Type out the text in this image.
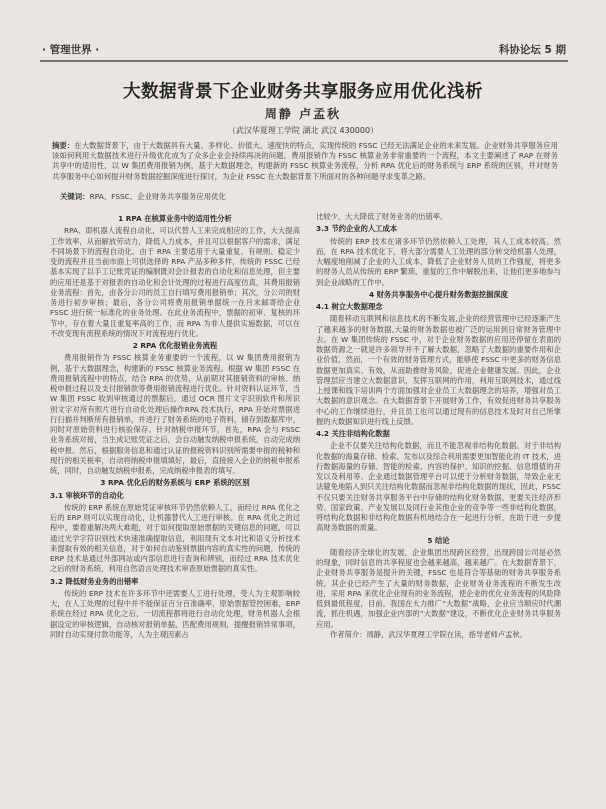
· 管理世界 ·	科协论坛 5 期
大数据背景下企业财务共享服务应用优化浅析
周静 卢孟秋
（武汉华夏理工学院 湖北 武汉 430000）
摘要：在大数据背景下，由于大数据具有大量、多样化、价值大、速度快的特点，实现传统的 FSSC 已经无法满足企业的未来发展。企业财务共享服务应用该如何利用大数据技术进行升级优化成为了众多企业会持续再决的问题。费用报销作为 FSSC 核算业务非常重要的一个流程，本文主要阐述了 RAP 在财务共享中的适用性，以 W 集团费用报销为例，基于大数据理念，构建新的 FSSC 核算业务流程，分析 RPA 优化后的财务系统与 ERP 系统的区别，并对财务共享服务中心如何提升财务数据挖掘深度进行探讨，为企业 FSSC 在大数据背景下所面对的各种问题寻求变革之路。
关键词：RPA、FSSC、企业财务共享服务应用优化
1 RPA 在核算业务中的适用性分析

RPA、即机器人流程自动化，可以代替人工来完成相应的工作，大大提高工作效率，从而解放劳动力，降低人力成本，并且可以根据客户的需求，满足不同场景下的流程自动化。由于 RPA 主要适用于大量重复、有规则、稳定少变的流程并且当前市面上可供选择的 RPA 产品多种多样，传统的 FSSC 已经基本实现了以手工记账凭证的编制既对会计报表的自动化和信息处理，但主要的应用还是基于对报表的自动化和会计处理的过程进行高度仿真，其费用报销业务流程：首先，由各分公司的员工自行填写费用报销单；其次，分公司的财务进行初步审核；最后，各分公司将费用报销单据统一在月末邮寄给企业 FSSC 进行统一标准化的业务处理。在此业务流程中，票据的初审、复核的环节中，存在着大量且重复率高的工作，而 RPA 为非人提供实施数据，可以在不改变现有流程系统的情况下对流程进行优化。

2 RPA 优化报销业务流程

费用报销作为 FSSC 核算业务重要的一个流程，以 W 集团费用报销为例，基于大数据理念，构建新的 FSSC 核算业务流程。根据 W 集团 FSSC 在费用报销流程中的特点，结合 RPA 的优势，从前期对其报销资料的审核、纳税申报过程以及支付报销款等费用报销流程进行优化。针对资料认证环节，当 W 集团 FSSC 收到审核通过的票据后，通过 OCR 图片文字识别软件和所识别文字对所有照片进行自动化处理后操作RPA 技术执行，RPA 开始对票据进行扫描并判断所有报销单，并进行了财务系统的电子资料，储存到数据库中，同时对原始资料进行核验保存。针对纳税申报环节，首先，RPA 会与 FSSC 业务系统对接，当生成记账凭证之后，会自动触发纳税申报系统，自动完成纳税申报。然后，根据服务信息和通过认证的报税资料识别所需要申报的税种和现行的相关税率，自动将纳税申报填填好，最后，直接接入企业的纳税申报系统，同时，自动触发纳税申报系，完成纳税申报表的填写。

3 RPA 优化后的财务系统与 ERP 系统的区别
3.1 审核环节的自动化

传统的 ERP 系统在原始凭证审核环节仍然依赖人工，而经过 RPA 优化之后的 ERP 则可以实现自动化，让机器替代人工进行审核。在 RPA 优化之的过程中，要着重解决两大难题，对于如何提取原始票据的关键信息的问题，可以通过光学字符识别技术快速准确提取信息，利用现有文本对比和语义分析技术来提取有效的相关信息，对于如何自动鉴别票据内容的真实性的问题，传统的 ERP 技术是通过外部网站或内部信息进行查询和辨别，而经过 RPA 技术优化之后的财务系统，利用自然语言处理技术审查原始票据的真实性。

3.2 降低财务业务的出错率

传统的 ERP 技术在许多环节中还需要人工进行处理，受人为主观影响较大，在人工处理的过程中并不能保证百分百准确率，原始票据管控困难，ERP 系统在经过 RPA 优化之后，一切流程都将进行自动化处理，财务机器人会根据设定的审核逻辑，自动核对报销单据，匹配费用规则，提醒报销异常事项，同时自动实现付款功能等，人为主观因素占

比较少，大大降低了财务业务的出错率。

3.3 节约企业的人工成本

传统的 ERP 技术在诸多环节仍然依赖人工处理，其人工成本较高。然而，在 RPA 技术优化下，将大部分需要人工处理的部分转交给机器人处理，大幅度地削减了企业的人工成本，降低了企业财务人员的工作强度，将更多的财务人员从传统的 ERP 繁琐、重复的工作中解脱出来，让他们更多地参与到企业战略的工作中。

4 财务共享服务中心提升财务数据挖掘深度
4.1 树立大数据理念

随着移动互联网和信息技术的不断发展,企业的经营管理中已经逐渐产生了越来越多的财务数据,大量的财务数据也被广泛的运用到日常财务管理中去。在 W 集团传统的 FSSC 中，对于企业财务数据的应用还停留在表面的数据资源之一就是许多领导并不了解大数据，忽略了大数据的重要作用和企业价值，然而，一个有效的财务管理方式，能够使 FSSC 中更多的财务信息数据更加真实、有效，从而助推财务风险，促进企业健康发展。因此，企业管理层应当建立大数据意识，发挥互联网的作用，利用互联网技术，通过线上授课和线下培训两个方面加强对企业员工大数据理念的培养，增强对员工大数据的意识观念。在大数据背景下开展财务工作，有效促进财务共享服务中心的工作继续进行，并且员工也可以通过现有的信息技术及时对自己所掌握的大数据知识进行线上反馈。

4.2 关注非结构化数据

企业不仅要关注结构化数据，而且不能忽视非结构化数据。对于非结构化数据的海量存储、检索、发布以及综合利用需要更加智能化的 IT 技术，进行数据海量的存储、智能的检索、内容的保护、知识的挖掘、信息增值的开发以及利用等。企业通过数据管理平台可以使于分析财务数据，导致企业无法避免地陷入到只关注结构化数据而忽视非结构化数据的现状，因此，FSSC 不仅只要关注财务共享服务平台中存储的结构化财务数据，更要关注经济形势、国家政策、产业发展以及同行业其他企业的竞争等一些非结构化数据，将结构化数据和非结构化数据有机地结合在一起进行分析，在助于进一步提高财务数据的质量。

5 结论

随着经济全球化的发展，企业集团出现跨区经营，出现跨国公司是必然的现象，同时信息的共享程度也会越来越高，越来越广。在大数据背景下，企业财务共享服务是提升的关键，FSSC 也是符合等基础的财务共享服务系统，其企业已经产生了大量的财务数据，企业财务业务流程的不断发生改进，采用 RPA 来优化企业现有的业务流程，使企业的优化业务流程的风险降低到最低程度，目前，我国在大力推广“大数据”战略，企业应当顺应时代潮流，抓住机遇，加强企业内部的“大数据”建设，不断优化企业财务共享服务应用。

作者简介：周静，武汉华夏理工学院在读，指导老师卢孟秋。
